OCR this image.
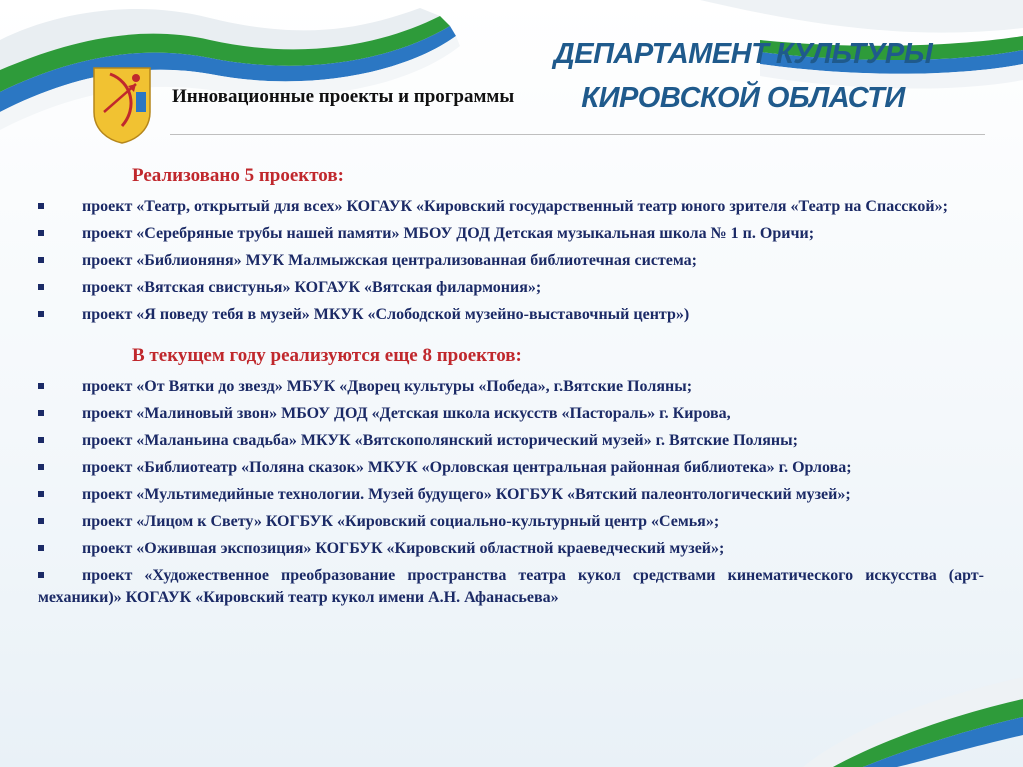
ДЕПАРТАМЕНТ КУЛЬТУРЫ
КИРОВСКОЙ ОБЛАСТИ
Инновационные проекты и программы
Реализовано 5 проектов:
проект «Театр, открытый для всех» КОГАУК «Кировский государственный театр юного зрителя «Театр на Спасской»;
проект «Серебряные трубы нашей памяти» МБОУ ДОД Детская музыкальная школа № 1 п. Оричи;
проект «Библионяня» МУК Малмыжская централизованная библиотечная система;
проект «Вятская свистунья» КОГАУК «Вятская филармония»;
проект «Я поведу тебя в музей» МКУК «Слободской музейно-выставочный центр»)
В текущем году реализуются еще 8 проектов:
проект «От Вятки до звезд» МБУК «Дворец культуры «Победа», г.Вятские Поляны;
проект «Малиновый звон» МБОУ ДОД «Детская школа искусств «Пастораль» г. Кирова,
проект «Маланьина свадьба» МКУК «Вятскополянский исторический музей» г. Вятские Поляны;
проект «Библиотеатр «Поляна сказок» МКУК «Орловская центральная районная библиотека» г. Орлова;
проект «Мультимедийные технологии. Музей будущего» КОГБУК «Вятский палеонтологический музей»;
проект «Лицом к Свету» КОГБУК «Кировский социально-культурный центр «Семья»;
проект «Ожившая экспозиция» КОГБУК «Кировский областной краеведческий музей»;
проект «Художественное преобразование пространства театра кукол средствами кинематического искусства (арт-механики)» КОГАУК «Кировский театр кукол имени А.Н. Афанасьева»
